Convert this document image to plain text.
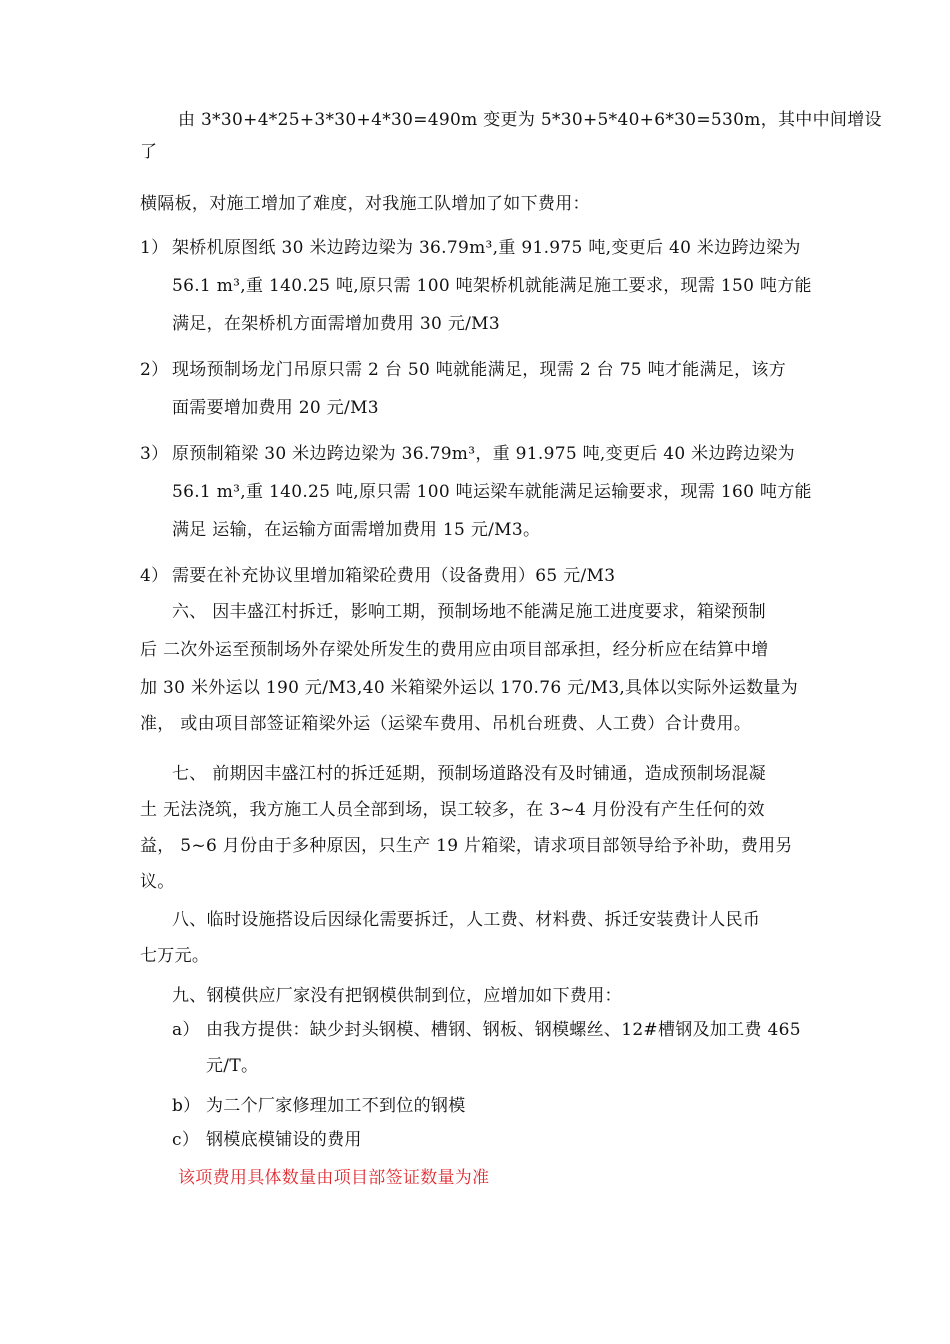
由 3*30+4*25+3*30+4*30=490m 变更为 5*30+5*40+6*30=530m，其中中间增设
了
横隔板，对施工增加了难度，对我施工队增加了如下费用：
1） 架桥机原图纸 30 米边跨边梁为 36.79m³,重 91.975 吨,变更后 40 米边跨边梁为
56.1 m³,重 140.25 吨,原只需 100 吨架桥机就能满足施工要求，现需 150 吨方能
满足，在架桥机方面需增加费用 30 元/M3
2） 现场预制场龙门吊原只需 2 台 50 吨就能满足，现需 2 台 75 吨才能满足，该方
面需要增加费用 20 元/M3
3） 原预制箱梁 30 米边跨边梁为 36.79m³，重 91.975 吨,变更后 40 米边跨边梁为
56.1 m³,重 140.25 吨,原只需 100 吨运梁车就能满足运输要求，现需 160 吨方能
满足 运输，在运输方面需增加费用 15 元/M3。
4） 需要在补充协议里增加箱梁砼费用（设备费用）65 元/M3
六、 因丰盛江村拆迁，影响工期，预制场地不能满足施工进度要求，箱梁预制
后 二次外运至预制场外存梁处所发生的费用应由项目部承担，经分析应在结算中增
加 30 米外运以 190 元/M3,40 米箱梁外运以 170.76 元/M3,具体以实际外运数量为
准， 或由项目部签证箱梁外运（运梁车费用、吊机台班费、人工费）合计费用。
七、 前期因丰盛江村的拆迁延期，预制场道路没有及时铺通，造成预制场混凝
土 无法浇筑，我方施工人员全部到场，误工较多，在 3~4 月份没有产生任何的效
益， 5~6 月份由于多种原因，只生产 19 片箱梁，请求项目部领导给予补助，费用另
议。
八、临时设施搭设后因绿化需要拆迁，人工费、材料费、拆迁安装费计人民币
七万元。
九、钢模供应厂家没有把钢模供制到位，应增加如下费用：
a） 由我方提供：缺少封头钢模、槽钢、钢板、钢模螺丝、12#槽钢及加工费 465
元/T。
b） 为二个厂家修理加工不到位的钢模
c） 钢模底模铺设的费用
该项费用具体数量由项目部签证数量为准
